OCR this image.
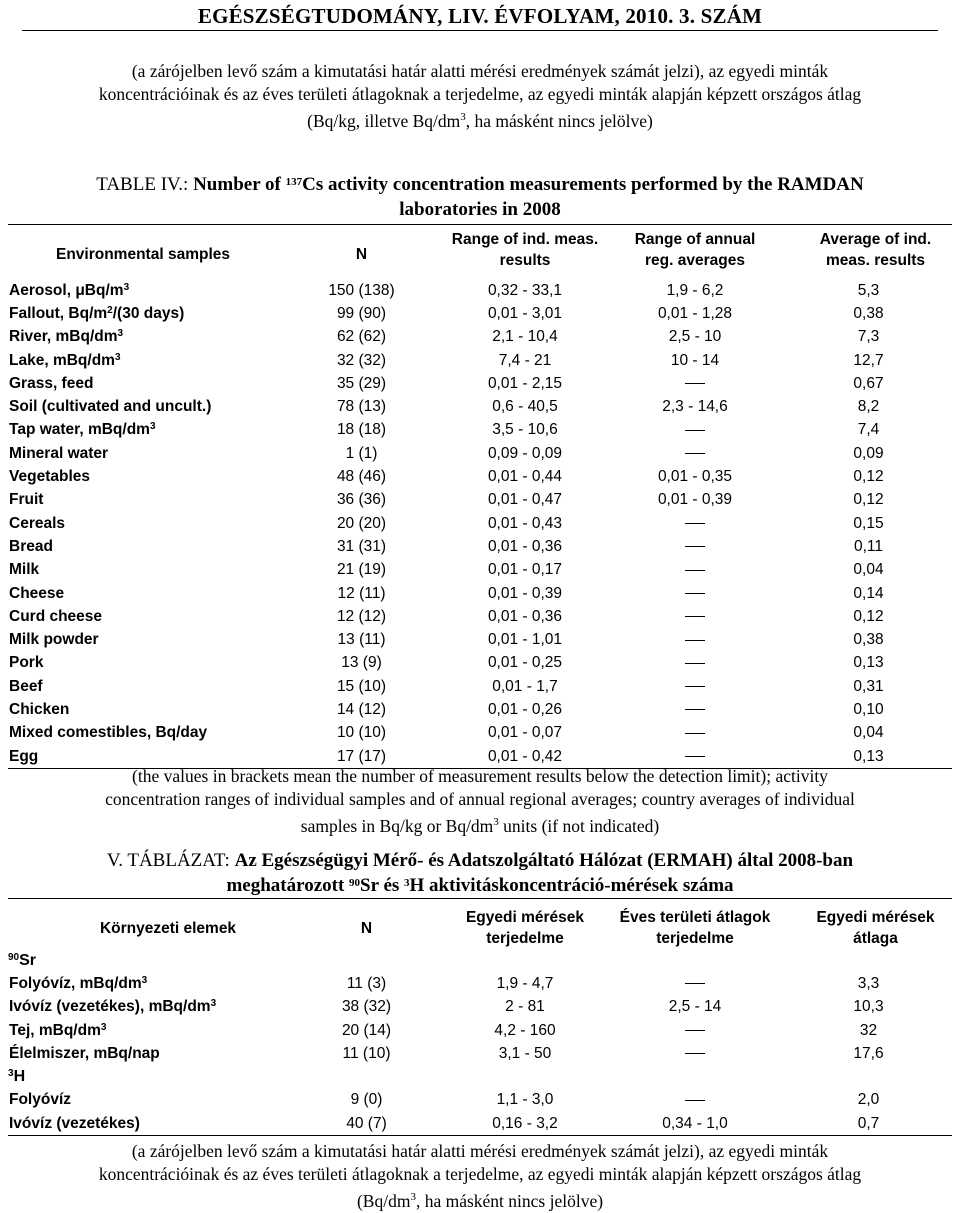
EGÉSZSÉGTUDOMÁNY, LIV. ÉVFOLYAM, 2010. 3. SZÁM
(a zárójelben levő szám a kimutatási határ alatti mérési eredmények számát jelzi), az egyedi minták
koncentrációinak és az éves területi átlagoknak a terjedelme, az egyedi minták alapján képzett országos átlag
(Bq/kg, illetve $Bq/dm^3$, ha másként nincs jelölve)
TABLE IV.: Number of $^{137}$Cs activity concentration measurements performed by the RAMDAN
laboratories in 2008
Environmental samples	N	Range of ind. meas. results	Range of annual reg. averages	Average of ind. meas. results
Aerosol, μBq/$m^3$	150 (138)	0,32 - 33,1	1,9 - 6,2	5,3
Fallout, $Bq/m^2/(30$ days)	99 (90)	0,01 - 3,01	0,01 - 1,28	0,38
River, mBq/$dm^3$	62 (62)	2,1 - 10,4	2,5 - 10	7,3
Lake, mBq/$dm^3$	32 (32)	7,4 - 21	10 - 14	12,7
Grass, feed	35 (29)	0,01 - 2,15		0,67
Soil (cultivated and uncult.)	78 (13)	0,6 - 40,5	2,3 - 14,6	8,2
Tap water, mBq/$dm^3$	18 (18)	3,5 - 10,6		7,4
Mineral water	1 (1)	0,09 - 0,09		0,09
Vegetables	48 (46)	0,01 - 0,44	0,01 - 0,35	0,12
Fruit	36 (36)	0,01 - 0,47	0,01 - 0,39	0,12
Cereals	20 (20)	0,01 - 0,43		0,15
Bread	31 (31)	0,01 - 0,36		0,11
Milk	21 (19)	0,01 - 0,17		0,04
Cheese	12 (11)	0,01 - 0,39		0,14
Curd cheese	12 (12)	0,01 - 0,36		0,12
Milk powder	13 (11)	0,01 - 1,01		0,38
Pork	13 (9)	0,01 - 0,25		0,13
Beef	15 (10)	0,01 - 1,7		0,31
Chicken	14 (12)	0,01 - 0,26		0,10
Mixed comestibles, Bq/day	10 (10)	0,01 - 0,07		0,04
Egg	17 (17)	0,01 - 0,42		0,13
(the values in brackets mean the number of measurement results below the detection limit); activity
concentration ranges of individual samples and of annual regional averages; country averages of individual
samples in Bq/kg or $Bq/dm^3$ units (if not indicated)
V. TÁBLÁZAT: Az Egészségügyi Mérő- és Adatszolgáltató Hálózat (ERMAH) által 2008-ban
meghatározott $^{90}$Sr és $^3$H aktivitáskoncentráció-mérések száma
Környezeti elemek	N	Egyedi mérések terjedelme	Éves területi átlagok terjedelme	Egyedi mérések átlaga
$^{90}$Sr				
Folyóvíz, mBq/$dm^3$	11 (3)	1,9 - 4,7		3,3
Ivóvíz (vezetékes), mBq/$dm^3$	38 (32)	2 - 81	2,5 - 14	10,3
Tej, mBq/$dm^3$	20 (14)	4,2 - 160		32
Élelmiszer, mBq/nap	11 (10)	3,1 - 50		17,6
$^3$H				
Folyóvíz	9 (0)	1,1 - 3,0		2,0
Ivóvíz (vezetékes)	40 (7)	0,16 - 3,2	0,34 - 1,0	0,7
(a zárójelben levő szám a kimutatási határ alatti mérési eredmények számát jelzi), az egyedi minták
koncentrációinak és az éves területi átlagoknak a terjedelme, az egyedi minták alapján képzett országos átlag
($Bq/dm^3$, ha másként nincs jelölve)
